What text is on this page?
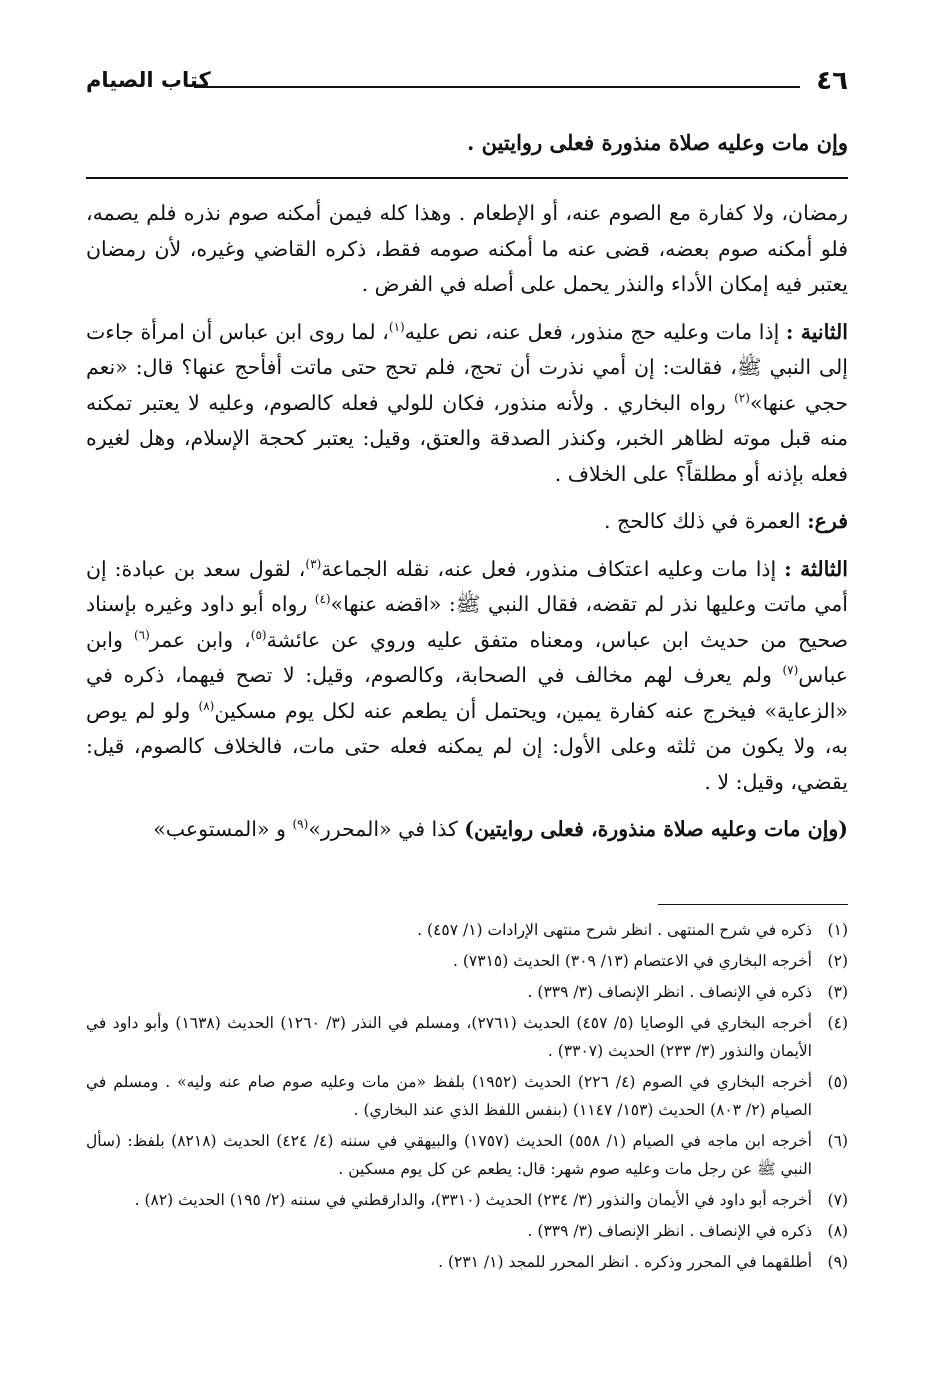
٤٦
كتاب الصيام
وإن مات وعليه صلاة منذورة فعلى روايتين .

رمضان، ولا كفارة مع الصوم عنه، أو الإطعام . وهذا كله فيمن أمكنه صوم نذره فلم يصمه، فلو أمكنه صوم بعضه، قضى عنه ما أمكنه صومه فقط، ذكره القاضي وغيره، لأن رمضان يعتبر فيه إمكان الأداء والنذر يحمل على أصله في الفرض .

الثانية : إذا مات وعليه حج منذور، فعل عنه، نص عليه$^{(١)}$، لما روى ابن عباس أن امرأة جاءت إلى النبي ﷺ، فقالت: إن أمي نذرت أن تحج، فلم تحج حتى ماتت أفأحج عنها؟ قال: «نعم حجي عنها»$^{(٢)}$ رواه البخاري . ولأنه منذور، فكان للولي فعله كالصوم، وعليه لا يعتبر تمكنه منه قبل موته لظاهر الخبر، وكنذر الصدقة والعتق، وقيل: يعتبر كحجة الإسلام، وهل لغيره فعله بإذنه أو مطلقاً؟ على الخلاف .

فرع: العمرة في ذلك كالحج .

الثالثة : إذا مات وعليه اعتكاف منذور، فعل عنه، نقله الجماعة$^{(٣)}$، لقول سعد بن عبادة: إن أمي ماتت وعليها نذر لم تقضه، فقال النبي ﷺ: «اقضه عنها»$^{(٤)}$ رواه أبو داود وغيره بإسناد صحيح من حديث ابن عباس، ومعناه متفق عليه وروي عن عائشة$^{(٥)}$، وابن عمر$^{(٦)}$ وابن عباس$^{(٧)}$ ولم يعرف لهم مخالف في الصحابة، وكالصوم، وقيل: لا تصح فيهما، ذكره في «الزعاية» فيخرج عنه كفارة يمين، ويحتمل أن يطعم عنه لكل يوم مسكين$^{(٨)}$ ولو لم يوص به، ولا يكون من ثلثه وعلى الأول: إن لم يمكنه فعله حتى مات، فالخلاف كالصوم، قيل: يقضي، وقيل: لا .

(وإن مات وعليه صلاة منذورة، فعلى روايتين) كذا في «المحرر»$^{(٩)}$ و «المستوعب»

(١)
ذكره في شرح المنتهى . انظر شرح منتهى الإرادات (١/ ٤٥٧) .
(٢)
أخرجه البخاري في الاعتصام (١٣/ ٣٠٩) الحديث (٧٣١٥) .
(٣)
ذكره في الإنصاف . انظر الإنصاف (٣/ ٣٣٩) .
(٤)
أخرجه البخاري في الوصايا (٥/ ٤٥٧) الحديث (٢٧٦١)، ومسلم في النذر (٣/ ١٢٦٠) الحديث (١٦٣٨) وأبو داود في الأيمان والنذور (٣/ ٢٣٣) الحديث (٣٣٠٧) .
(٥)
أخرجه البخاري في الصوم (٤/ ٢٢٦) الحديث (١٩٥٢) بلفظ «من مات وعليه صوم صام عنه وليه» . ومسلم في الصيام (٢/ ٨٠٣) الحديث (١٥٣/ ١١٤٧) (بنفس اللفظ الذي عند البخاري) .
(٦)
أخرجه ابن ماجه في الصيام (١/ ٥٥٨) الحديث (١٧٥٧) والبيهقي في سننه (٤/ ٤٢٤) الحديث (٨٢١٨) بلفظ: (سأل النبي ﷺ عن رجل مات وعليه صوم شهر: قال: يطعم عن كل يوم مسكين .
(٧)
أخرجه أبو داود في الأيمان والنذور (٣/ ٢٣٤) الحديث (٣٣١٠)، والدارقطني في سننه (٢/ ١٩٥) الحديث (٨٢) .
(٨)
ذكره في الإنصاف . انظر الإنصاف (٣/ ٣٣٩) .
(٩)
أطلقهما في المحرر وذكره . انظر المحرر للمجد (١/ ٢٣١) .
